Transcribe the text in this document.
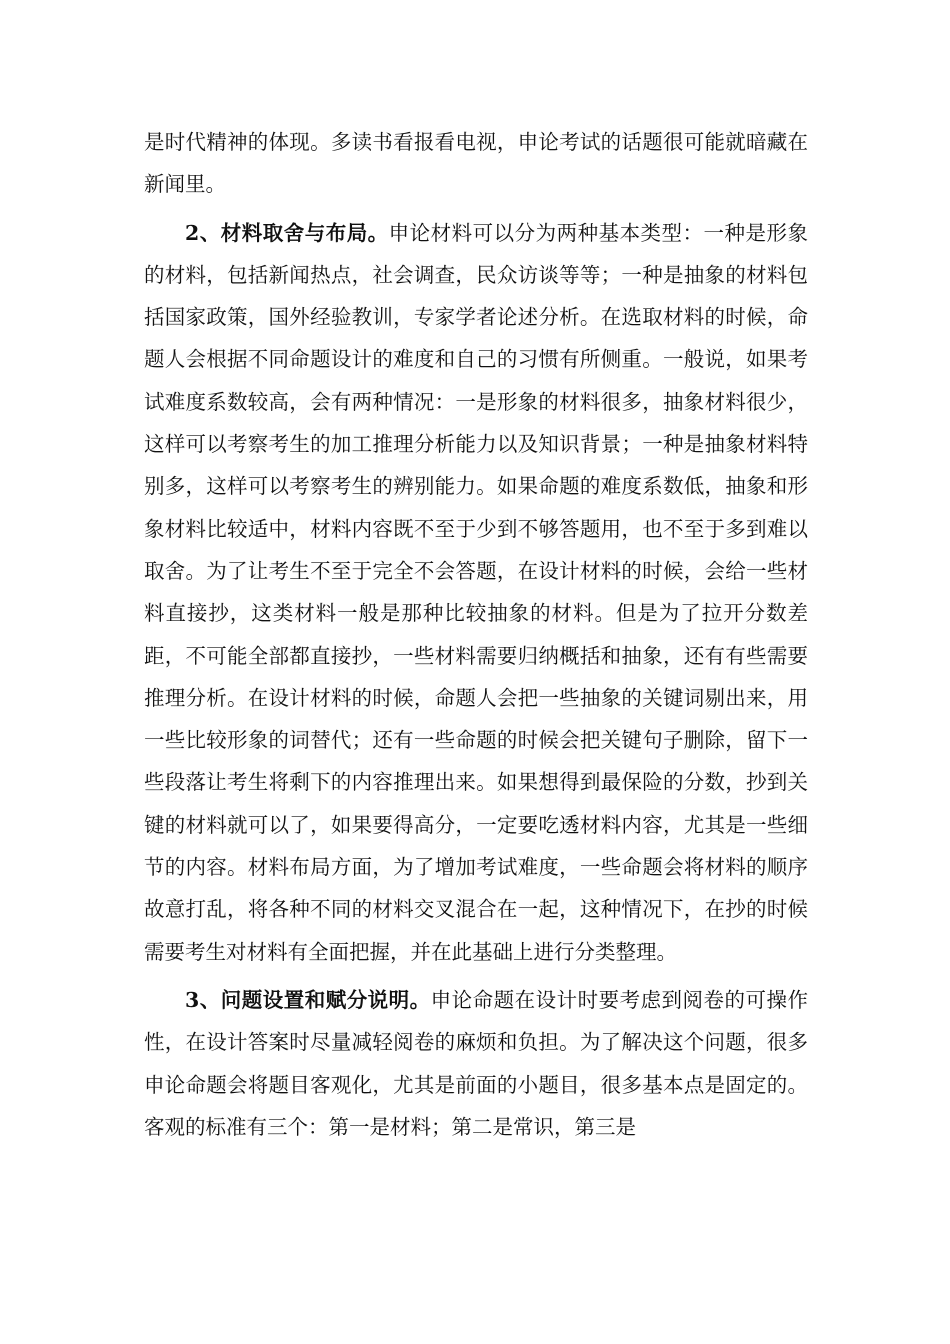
是时代精神的体现。多读书看报看电视，申论考试的话题很可能就暗藏在新闻里。

2、材料取舍与布局。申论材料可以分为两种基本类型：一种是形象的材料，包括新闻热点，社会调查，民众访谈等等；一种是抽象的材料包括国家政策，国外经验教训，专家学者论述分析。在选取材料的时候，命题人会根据不同命题设计的难度和自己的习惯有所侧重。一般说，如果考试难度系数较高，会有两种情况：一是形象的材料很多，抽象材料很少，这样可以考察考生的加工推理分析能力以及知识背景；一种是抽象材料特别多，这样可以考察考生的辨别能力。如果命题的难度系数低，抽象和形象材料比较适中，材料内容既不至于少到不够答题用，也不至于多到难以取舍。为了让考生不至于完全不会答题，在设计材料的时候，会给一些材料直接抄，这类材料一般是那种比较抽象的材料。但是为了拉开分数差距，不可能全部都直接抄，一些材料需要归纳概括和抽象，还有有些需要推理分析。在设计材料的时候，命题人会把一些抽象的关键词剔出来，用一些比较形象的词替代；还有一些命题的时候会把关键句子删除，留下一些段落让考生将剩下的内容推理出来。如果想得到最保险的分数，抄到关键的材料就可以了，如果要得高分，一定要吃透材料内容，尤其是一些细节的内容。材料布局方面，为了增加考试难度，一些命题会将材料的顺序故意打乱，将各种不同的材料交叉混合在一起，这种情况下，在抄的时候需要考生对材料有全面把握，并在此基础上进行分类整理。

3、问题设置和赋分说明。申论命题在设计时要考虑到阅卷的可操作性，在设计答案时尽量减轻阅卷的麻烦和负担。为了解决这个问题，很多申论命题会将题目客观化，尤其是前面的小题目，很多基本点是固定的。客观的标准有三个：第一是材料；第二是常识，第三是
